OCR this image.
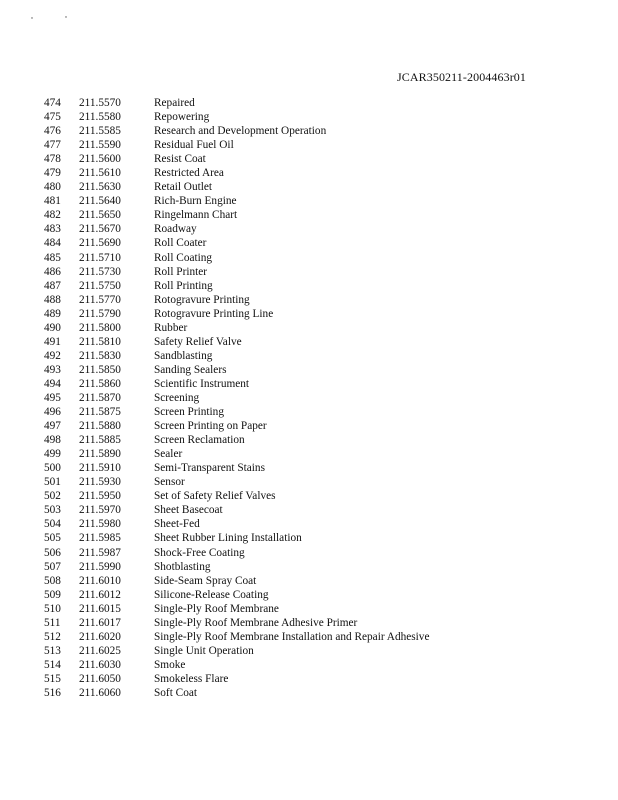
JCAR350211-2004463r01
474	211.5570	Repaired
475	211.5580	Repowering
476	211.5585	Research and Development Operation
477	211.5590	Residual Fuel Oil
478	211.5600	Resist Coat
479	211.5610	Restricted Area
480	211.5630	Retail Outlet
481	211.5640	Rich-Burn Engine
482	211.5650	Ringelmann Chart
483	211.5670	Roadway
484	211.5690	Roll Coater
485	211.5710	Roll Coating
486	211.5730	Roll Printer
487	211.5750	Roll Printing
488	211.5770	Rotogravure Printing
489	211.5790	Rotogravure Printing Line
490	211.5800	Rubber
491	211.5810	Safety Relief Valve
492	211.5830	Sandblasting
493	211.5850	Sanding Sealers
494	211.5860	Scientific Instrument
495	211.5870	Screening
496	211.5875	Screen Printing
497	211.5880	Screen Printing on Paper
498	211.5885	Screen Reclamation
499	211.5890	Sealer
500	211.5910	Semi-Transparent Stains
501	211.5930	Sensor
502	211.5950	Set of Safety Relief Valves
503	211.5970	Sheet Basecoat
504	211.5980	Sheet-Fed
505	211.5985	Sheet Rubber Lining Installation
506	211.5987	Shock-Free Coating
507	211.5990	Shotblasting
508	211.6010	Side-Seam Spray Coat
509	211.6012	Silicone-Release Coating
510	211.6015	Single-Ply Roof Membrane
511	211.6017	Single-Ply Roof Membrane Adhesive Primer
512	211.6020	Single-Ply Roof Membrane Installation and Repair Adhesive
513	211.6025	Single Unit Operation
514	211.6030	Smoke
515	211.6050	Smokeless Flare
516	211.6060	Soft Coat
